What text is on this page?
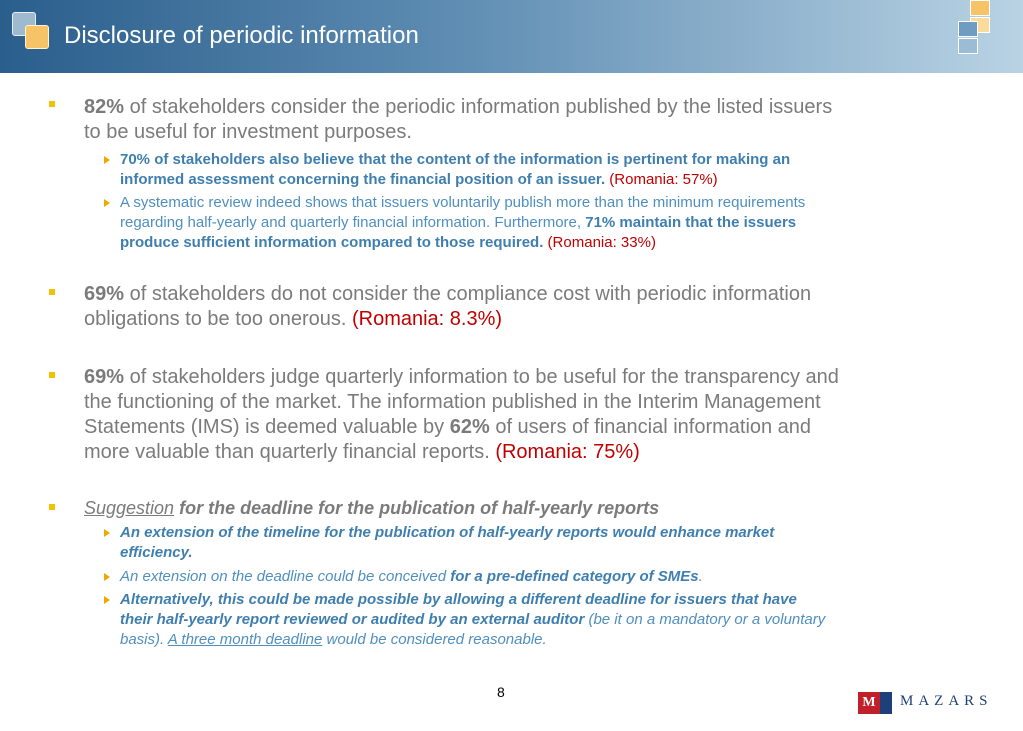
Disclosure of periodic information
82% of stakeholders consider the periodic information published by the listed issuers
to be useful for investment purposes.
70% of stakeholders also believe that the content of the information is pertinent for making an
informed assessment concerning the financial position of an issuer. (Romania: 57%)
A systematic review indeed shows that issuers voluntarily publish more than the minimum requirements
regarding half-yearly and quarterly financial information. Furthermore, 71% maintain that the issuers
produce sufficient information compared to those required. (Romania: 33%)
69% of stakeholders do not consider the compliance cost with periodic information
obligations to be too onerous. (Romania: 8.3%)
69% of stakeholders judge quarterly information to be useful for the transparency and
the functioning of the market. The information published in the Interim Management
Statements (IMS) is deemed valuable by 62% of users of financial information and
more valuable than quarterly financial reports. (Romania: 75%)
Suggestion for the deadline for the publication of half-yearly reports
An extension of the timeline for the publication of half-yearly reports would enhance market
efficiency.
An extension on the deadline could be conceived for a pre-defined category of SMEs.
Alternatively, this could be made possible by allowing a different deadline for issuers that have
their half-yearly report reviewed or audited by an external auditor (be it on a mandatory or a voluntary
basis). A three month deadline would be considered reasonable.
8
M MAZARS
